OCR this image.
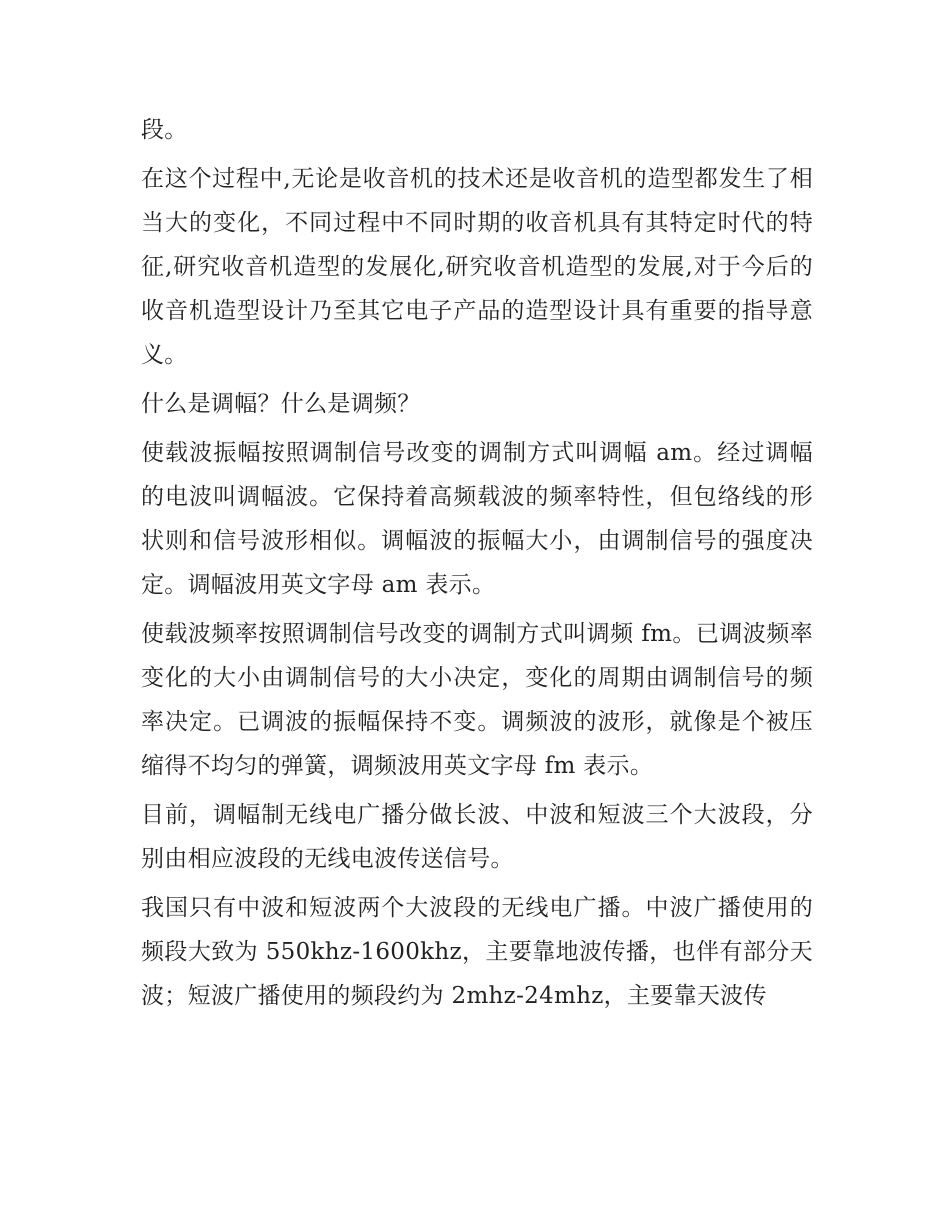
段。

在这个过程中,无论是收音机的技术还是收音机的造型都发生了相当大的变化，不同过程中不同时期的收音机具有其特定时代的特征,研究收音机造型的发展化,研究收音机造型的发展,对于今后的收音机造型设计乃至其它电子产品的造型设计具有重要的指导意义。

什么是调幅？什么是调频？

使载波振幅按照调制信号改变的调制方式叫调幅 am。经过调幅的电波叫调幅波。它保持着高频载波的频率特性，但包络线的形状则和信号波形相似。调幅波的振幅大小，由调制信号的强度决定。调幅波用英文字母 am 表示。

使载波频率按照调制信号改变的调制方式叫调频 fm。已调波频率变化的大小由调制信号的大小决定，变化的周期由调制信号的频率决定。已调波的振幅保持不变。调频波的波形，就像是个被压缩得不均匀的弹簧，调频波用英文字母 fm 表示。

目前，调幅制无线电广播分做长波、中波和短波三个大波段，分别由相应波段的无线电波传送信号。

我国只有中波和短波两个大波段的无线电广播。中波广播使用的频段大致为 550khz-1600khz，主要靠地波传播，也伴有部分天波；短波广播使用的频段约为 2mhz-24mhz，主要靠天波传
